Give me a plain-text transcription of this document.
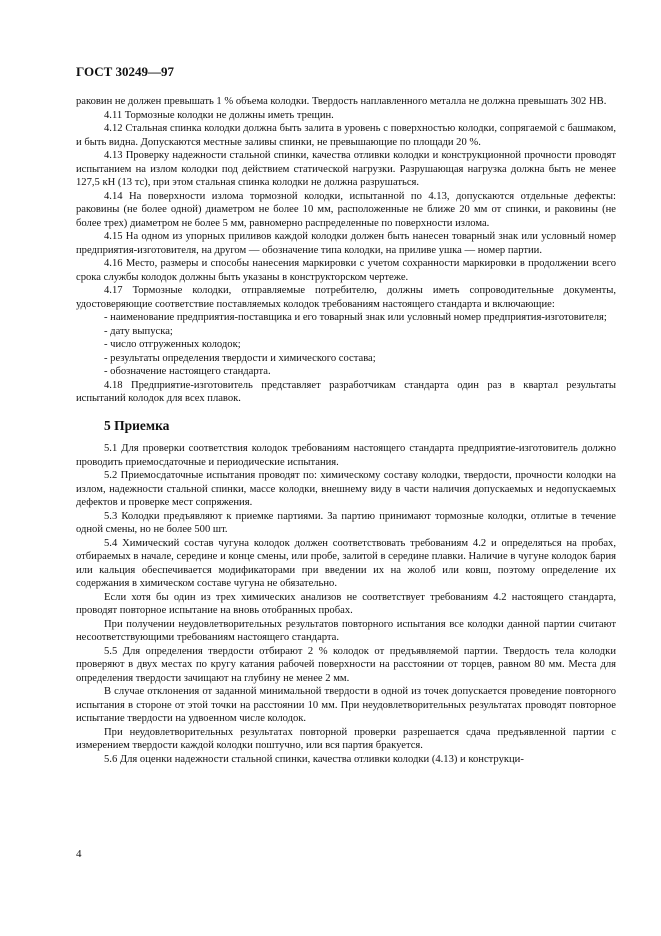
ГОСТ 30249—97

раковин не должен превышать 1 % объема колодки. Твердость наплавленного металла не должна превышать 302 НВ.

4.11 Тормозные колодки не должны иметь трещин.

4.12 Стальная спинка колодки должна быть залита в уровень с поверхностью колодки, сопрягаемой с башмаком, и быть видна. Допускаются местные заливы спинки, не превышающие по площади 20 %.

4.13 Проверку надежности стальной спинки, качества отливки колодки и конструкционной прочности проводят испытанием на излом колодки под действием статической нагрузки. Разрушающая нагрузка должна быть не менее 127,5 кН (13 тс), при этом стальная спинка колодки не должна разрушаться.

4.14 На поверхности излома тормозной колодки, испытанной по 4.13, допускаются отдельные дефекты: раковины (не более одной) диаметром не более 10 мм, расположенные не ближе 20 мм от спинки, и раковины (не более трех) диаметром не более 5 мм, равномерно распределенные по поверхности излома.

4.15 На одном из упорных приливов каждой колодки должен быть нанесен товарный знак или условный номер предприятия-изготовителя, на другом — обозначение типа колодки, на приливе ушка — номер партии.

4.16 Место, размеры и способы нанесения маркировки с учетом сохранности маркировки в продолжении всего срока службы колодок должны быть указаны в конструкторском чертеже.

4.17 Тормозные колодки, отправляемые потребителю, должны иметь сопроводительные документы, удостоверяющие соответствие поставляемых колодок требованиям настоящего стандарта и включающие:

- наименование предприятия-поставщика и его товарный знак или условный номер предприятия-изготовителя;

- дату выпуска;

- число отгруженных колодок;

- результаты определения твердости и химического состава;

- обозначение настоящего стандарта.

4.18 Предприятие-изготовитель представляет разработчикам стандарта один раз в квартал результаты испытаний колодок для всех плавок.

5 Приемка

5.1 Для проверки соответствия колодок требованиям настоящего стандарта предприятие-изготовитель должно проводить приемосдаточные и периодические испытания.

5.2 Приемосдаточные испытания проводят по: химическому составу колодки, твердости, прочности колодки на излом, надежности стальной спинки, массе колодки, внешнему виду в части наличия допускаемых и недопускаемых дефектов и проверке мест сопряжения.

5.3 Колодки предъявляют к приемке партиями. За партию принимают тормозные колодки, отлитые в течение одной смены, но не более 500 шт.

5.4 Химический состав чугуна колодок должен соответствовать требованиям 4.2 и определяться на пробах, отбираемых в начале, середине и конце смены, или пробе, залитой в середине плавки. Наличие в чугуне колодок бария или кальция обеспечивается модификаторами при введении их на жолоб или ковш, поэтому определение их содержания в химическом составе чугуна не обязательно.

Если хотя бы один из трех химических анализов не соответствует требованиям 4.2 настоящего стандарта, проводят повторное испытание на вновь отобранных пробах.

При получении неудовлетворительных результатов повторного испытания все колодки данной партии считают несоответствующими требованиям настоящего стандарта.

5.5 Для определения твердости отбирают 2 % колодок от предъявляемой партии. Твердость тела колодки проверяют в двух местах по кругу катания рабочей поверхности на расстоянии от торцев, равном 80 мм. Места для определения твердости зачищают на глубину не менее 2 мм.

В случае отклонения от заданной минимальной твердости в одной из точек допускается проведение повторного испытания в стороне от этой точки на расстоянии 10 мм. При неудовлетворительных результатах проводят повторное испытание твердости на удвоенном числе колодок.

При неудовлетворительных результатах повторной проверки разрешается сдача предъявленной партии с измерением твердости каждой колодки поштучно, или вся партия бракуется.

5.6 Для оценки надежности стальной спинки, качества отливки колодки (4.13) и конструкци-

4
